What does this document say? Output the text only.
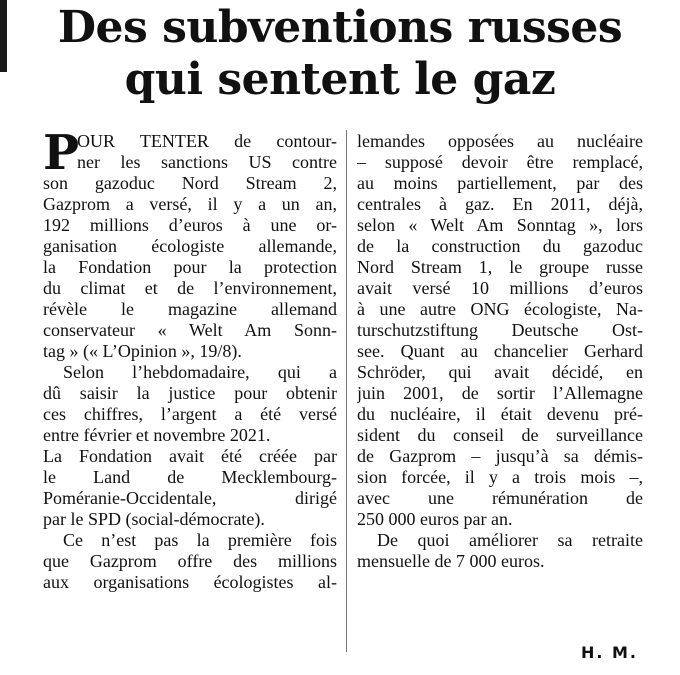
Des subventions russes
qui sentent le gaz
P
OUR TENTER de contour-
ner les sanctions US contre
son gazoduc Nord Stream 2,
Gazprom a versé, il y a un an,
192 millions d’euros à une or-
ganisation écologiste allemande,
la Fondation pour la protection
du climat et de l’environnement,
révèle le magazine allemand
conservateur « Welt Am Sonn-
tag » (« L’Opinion », 19/8).
Selon l’hebdomadaire, qui a
dû saisir la justice pour obtenir
ces chiffres, l’argent a été versé
entre février et novembre 2021.
La Fondation avait été créée par
le Land de Mecklembourg-
Poméranie-Occidentale, dirigé
par le SPD (social-démocrate).
Ce n’est pas la première fois
que Gazprom offre des millions
aux organisations écologistes al-
lemandes opposées au nucléaire
– supposé devoir être remplacé,
au moins partiellement, par des
centrales à gaz. En 2011, déjà,
selon « Welt Am Sonntag », lors
de la construction du gazoduc
Nord Stream 1, le groupe russe
avait versé 10 millions d’euros
à une autre ONG écologiste, Na-
turschutzstiftung Deutsche Ost-
see. Quant au chancelier Gerhard
Schröder, qui avait décidé, en
juin 2001, de sortir l’Allemagne
du nucléaire, il était devenu pré-
sident du conseil de surveillance
de Gazprom – jusqu’à sa démis-
sion forcée, il y a trois mois –,
avec une rémunération de
250 000 euros par an.
De quoi améliorer sa retraite
mensuelle de 7 000 euros.
H. M.
